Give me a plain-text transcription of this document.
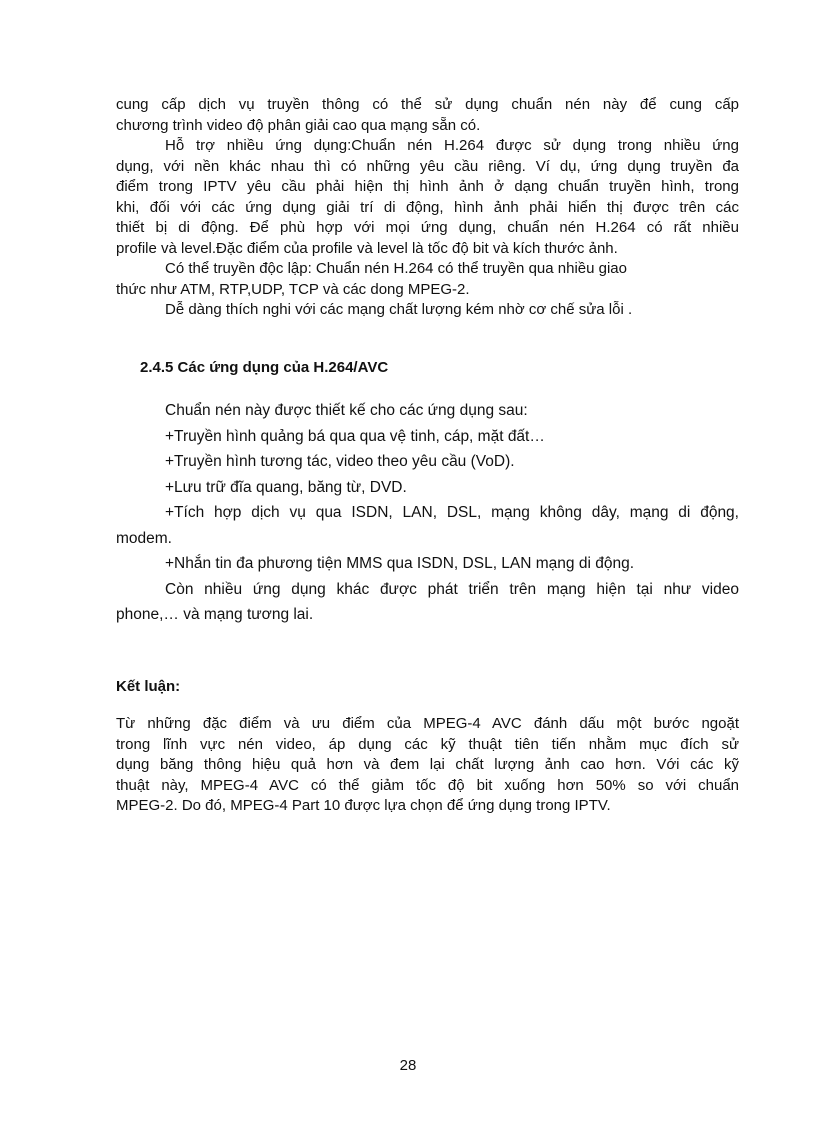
cung cấp dịch vụ truyền thông có thể sử dụng chuẩn nén này để cung cấp
chương trình video độ phân giải cao qua mạng sẵn có.
Hỗ trợ nhiều ứng dụng:Chuẩn nén H.264 được sử dụng trong nhiều ứng
dụng, với nền khác nhau thì có những yêu cầu riêng. Ví dụ, ứng dụng truyền đa
điểm trong IPTV yêu cầu phải hiện thị hình ảnh ở dạng chuẩn truyền hình, trong
khi, đối với các ứng dụng giải trí di động, hình ảnh phải hiển thị được trên các
thiết bị di động. Để phù hợp với mọi ứng dụng, chuẩn nén H.264 có rất nhiều
profile và level.Đặc điểm của profile và level là tốc độ bit và kích thước ảnh.
Có thể truyền độc lập: Chuẩn nén H.264 có thể truyền qua nhiều giao
thức như ATM, RTP,UDP, TCP và các dong MPEG-2.
Dễ dàng thích nghi với các mạng chất lượng kém nhờ cơ chế sửa lỗi .

2.4.5 Các ứng dụng của H.264/AVC

Chuẩn nén này được thiết kế cho các ứng dụng sau:
+Truyền hình quảng bá qua qua vệ tinh, cáp, mặt đất…
+Truyền hình tương tác, video theo yêu cầu (VoD).
+Lưu trữ đĩa quang, băng từ, DVD.
+Tích hợp dịch vụ qua ISDN, LAN, DSL, mạng không dây, mạng di động,
modem.
+Nhắn tin đa phương tiện MMS qua ISDN, DSL, LAN mạng di động.
Còn nhiều ứng dụng khác được phát triển trên mạng hiện tại như video
phone,… và mạng tương lai.

Kết luận:

Từ những đặc điểm và ưu điểm của MPEG-4 AVC đánh dấu một bước ngoặt
trong lĩnh vực nén video, áp dụng các kỹ thuật tiên tiến nhằm mục đích sử
dụng băng thông hiệu quả hơn và đem lại chất lượng ảnh cao hơn. Với các kỹ
thuật này, MPEG-4 AVC có thể giảm tốc độ bit xuống hơn 50% so với chuẩn
MPEG-2. Do đó, MPEG-4 Part 10 được lựa chọn để ứng dụng trong IPTV.

28
